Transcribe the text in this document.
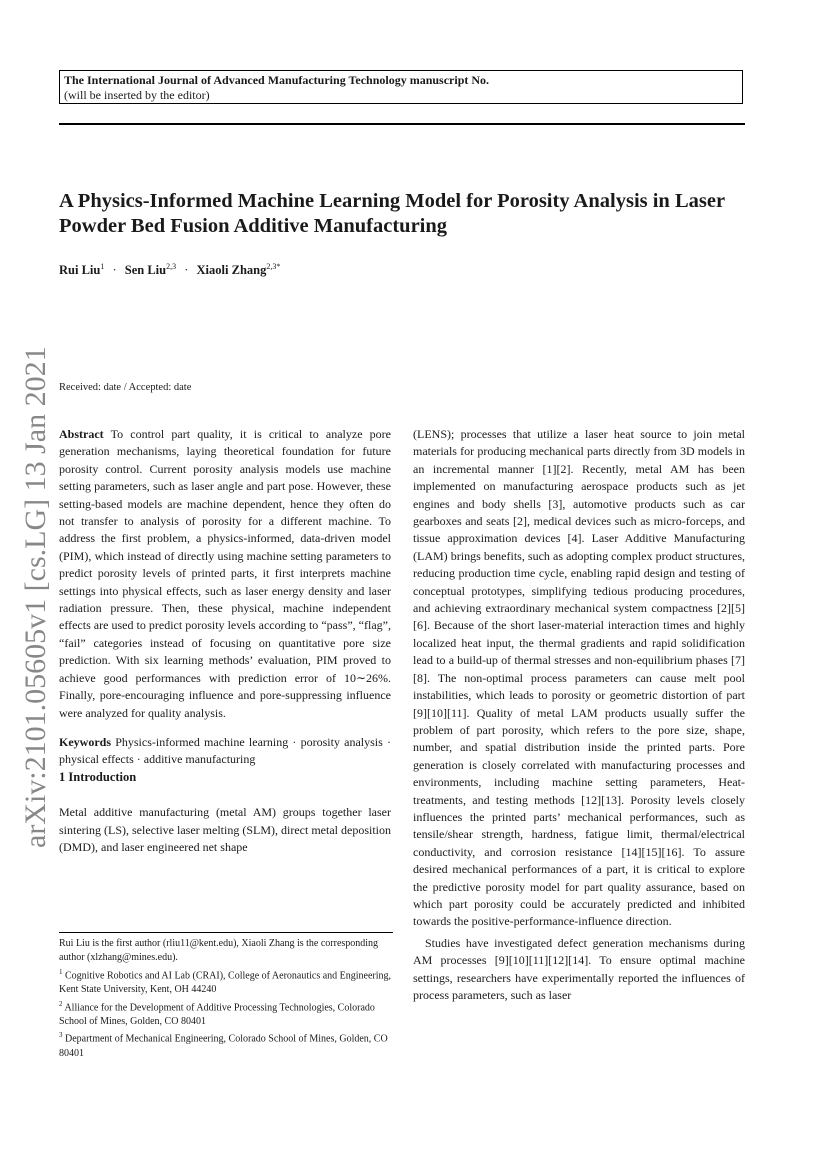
The International Journal of Advanced Manufacturing Technology manuscript No.
(will be inserted by the editor)
A Physics-Informed Machine Learning Model for Porosity Analysis in Laser Powder Bed Fusion Additive Manufacturing
Rui Liu$^1$ · Sen Liu$^{2,3}$ · Xiaoli Zhang$^{2,3*}$
arXiv:2101.05605v1 [cs.LG] 13 Jan 2021 Received: date / Accepted: date

Abstract To control part quality, it is critical to analyze pore generation mechanisms, laying theoretical foundation for future porosity control. Current porosity analysis models use machine setting parameters, such as laser angle and part pose. However, these setting-based models are machine dependent, hence they often do not transfer to analysis of porosity for a different machine. To address the first problem, a physics-informed, data-driven model (PIM), which instead of directly using machine setting parameters to predict porosity levels of printed parts, it first interprets machine settings into physical effects, such as laser energy density and laser radiation pressure. Then, these physical, machine independent effects are used to predict porosity levels according to “pass”, “flag”, “fail” categories instead of focusing on quantitative pore size prediction. With six learning methods’ evaluation, PIM proved to achieve good performances with prediction error of 10∼26%. Finally, pore-encouraging influence and pore-suppressing influence were analyzed for quality analysis.

Keywords Physics-informed machine learning · porosity analysis · physical effects · additive manufacturing

1 Introduction

Metal additive manufacturing (metal AM) groups together laser sintering (LS), selective laser melting (SLM), direct metal deposition (DMD), and laser engineered net shape

Rui Liu is the first author (rliu11@kent.edu), Xiaoli Zhang is the corresponding author (xlzhang@mines.edu).

$^1$ Cognitive Robotics and AI Lab (CRAI), College of Aeronautics and Engineering, Kent State University, Kent, OH 44240

$^2$ Alliance for the Development of Additive Processing Technologies, Colorado School of Mines, Golden, CO 80401

$^3$ Department of Mechanical Engineering, Colorado School of Mines, Golden, CO 80401

(LENS); processes that utilize a laser heat source to join metal materials for producing mechanical parts directly from 3D models in an incremental manner [1][2]. Recently, metal AM has been implemented on manufacturing aerospace products such as jet engines and body shells [3], automotive products such as car gearboxes and seats [2], medical devices such as micro-forceps, and tissue approximation devices [4]. Laser Additive Manufacturing (LAM) brings benefits, such as adopting complex product structures, reducing production time cycle, enabling rapid design and testing of conceptual prototypes, simplifying tedious producing procedures, and achieving extraordinary mechanical system compactness [2][5][6]. Because of the short laser-material interaction times and highly localized heat input, the thermal gradients and rapid solidification lead to a build-up of thermal stresses and non-equilibrium phases [7][8]. The non-optimal process parameters can cause melt pool instabilities, which leads to porosity or geometric distortion of part [9][10][11]. Quality of metal LAM products usually suffer the problem of part porosity, which refers to the pore size, shape, number, and spatial distribution inside the printed parts. Pore generation is closely correlated with manufacturing processes and environments, including machine setting parameters, Heat-treatments, and testing methods [12][13]. Porosity levels closely influences the printed parts’ mechanical performances, such as tensile/shear strength, hardness, fatigue limit, thermal/electrical conductivity, and corrosion resistance [14][15][16]. To assure desired mechanical performances of a part, it is critical to explore the predictive porosity model for part quality assurance, based on which part porosity could be accurately predicted and inhibited towards the positive-performance-influence direction.

Studies have investigated defect generation mechanisms during AM processes [9][10][11][12][14]. To ensure optimal machine settings, researchers have experimentally reported the influences of process parameters, such as laser
